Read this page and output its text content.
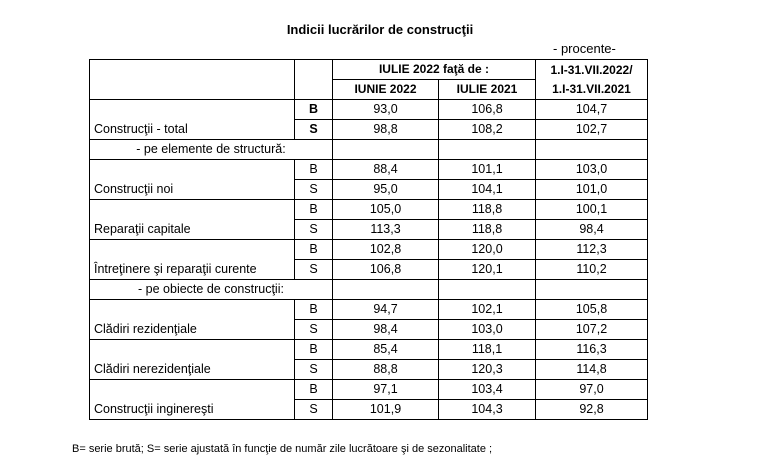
Indicii lucrărilor de construcţii
- procente-
		IULIE 2022 faţă de :		1.I-31.VII.2022/
1.I-31.VII.2021
		IUNIE 2022	IULIE 2021	
Construcţii - total	B	93,0	106,8	104,7
	S	98,8	108,2	102,7
- pe elemente de structură:				
Construcţii noi	B	88,4	101,1	103,0
	S	95,0	104,1	101,0
Reparaţii capitale	B	105,0	118,8	100,1
	S	113,3	118,8	98,4
Întreţinere şi reparaţii curente	B	102,8	120,0	112,3
	S	106,8	120,1	110,2
- pe obiecte de construcţii:				
Clădiri rezidenţiale	B	94,7	102,1	105,8
	S	98,4	103,0	107,2
Clădiri nerezidenţiale	B	85,4	118,1	116,3
	S	88,8	120,3	114,8
Construcţii inginereşti	B	97,1	103,4	97,0
	S	101,9	104,3	92,8
B= serie brută; S= serie ajustată în funcţie de număr zile lucrătoare şi de sezonalitate ;
